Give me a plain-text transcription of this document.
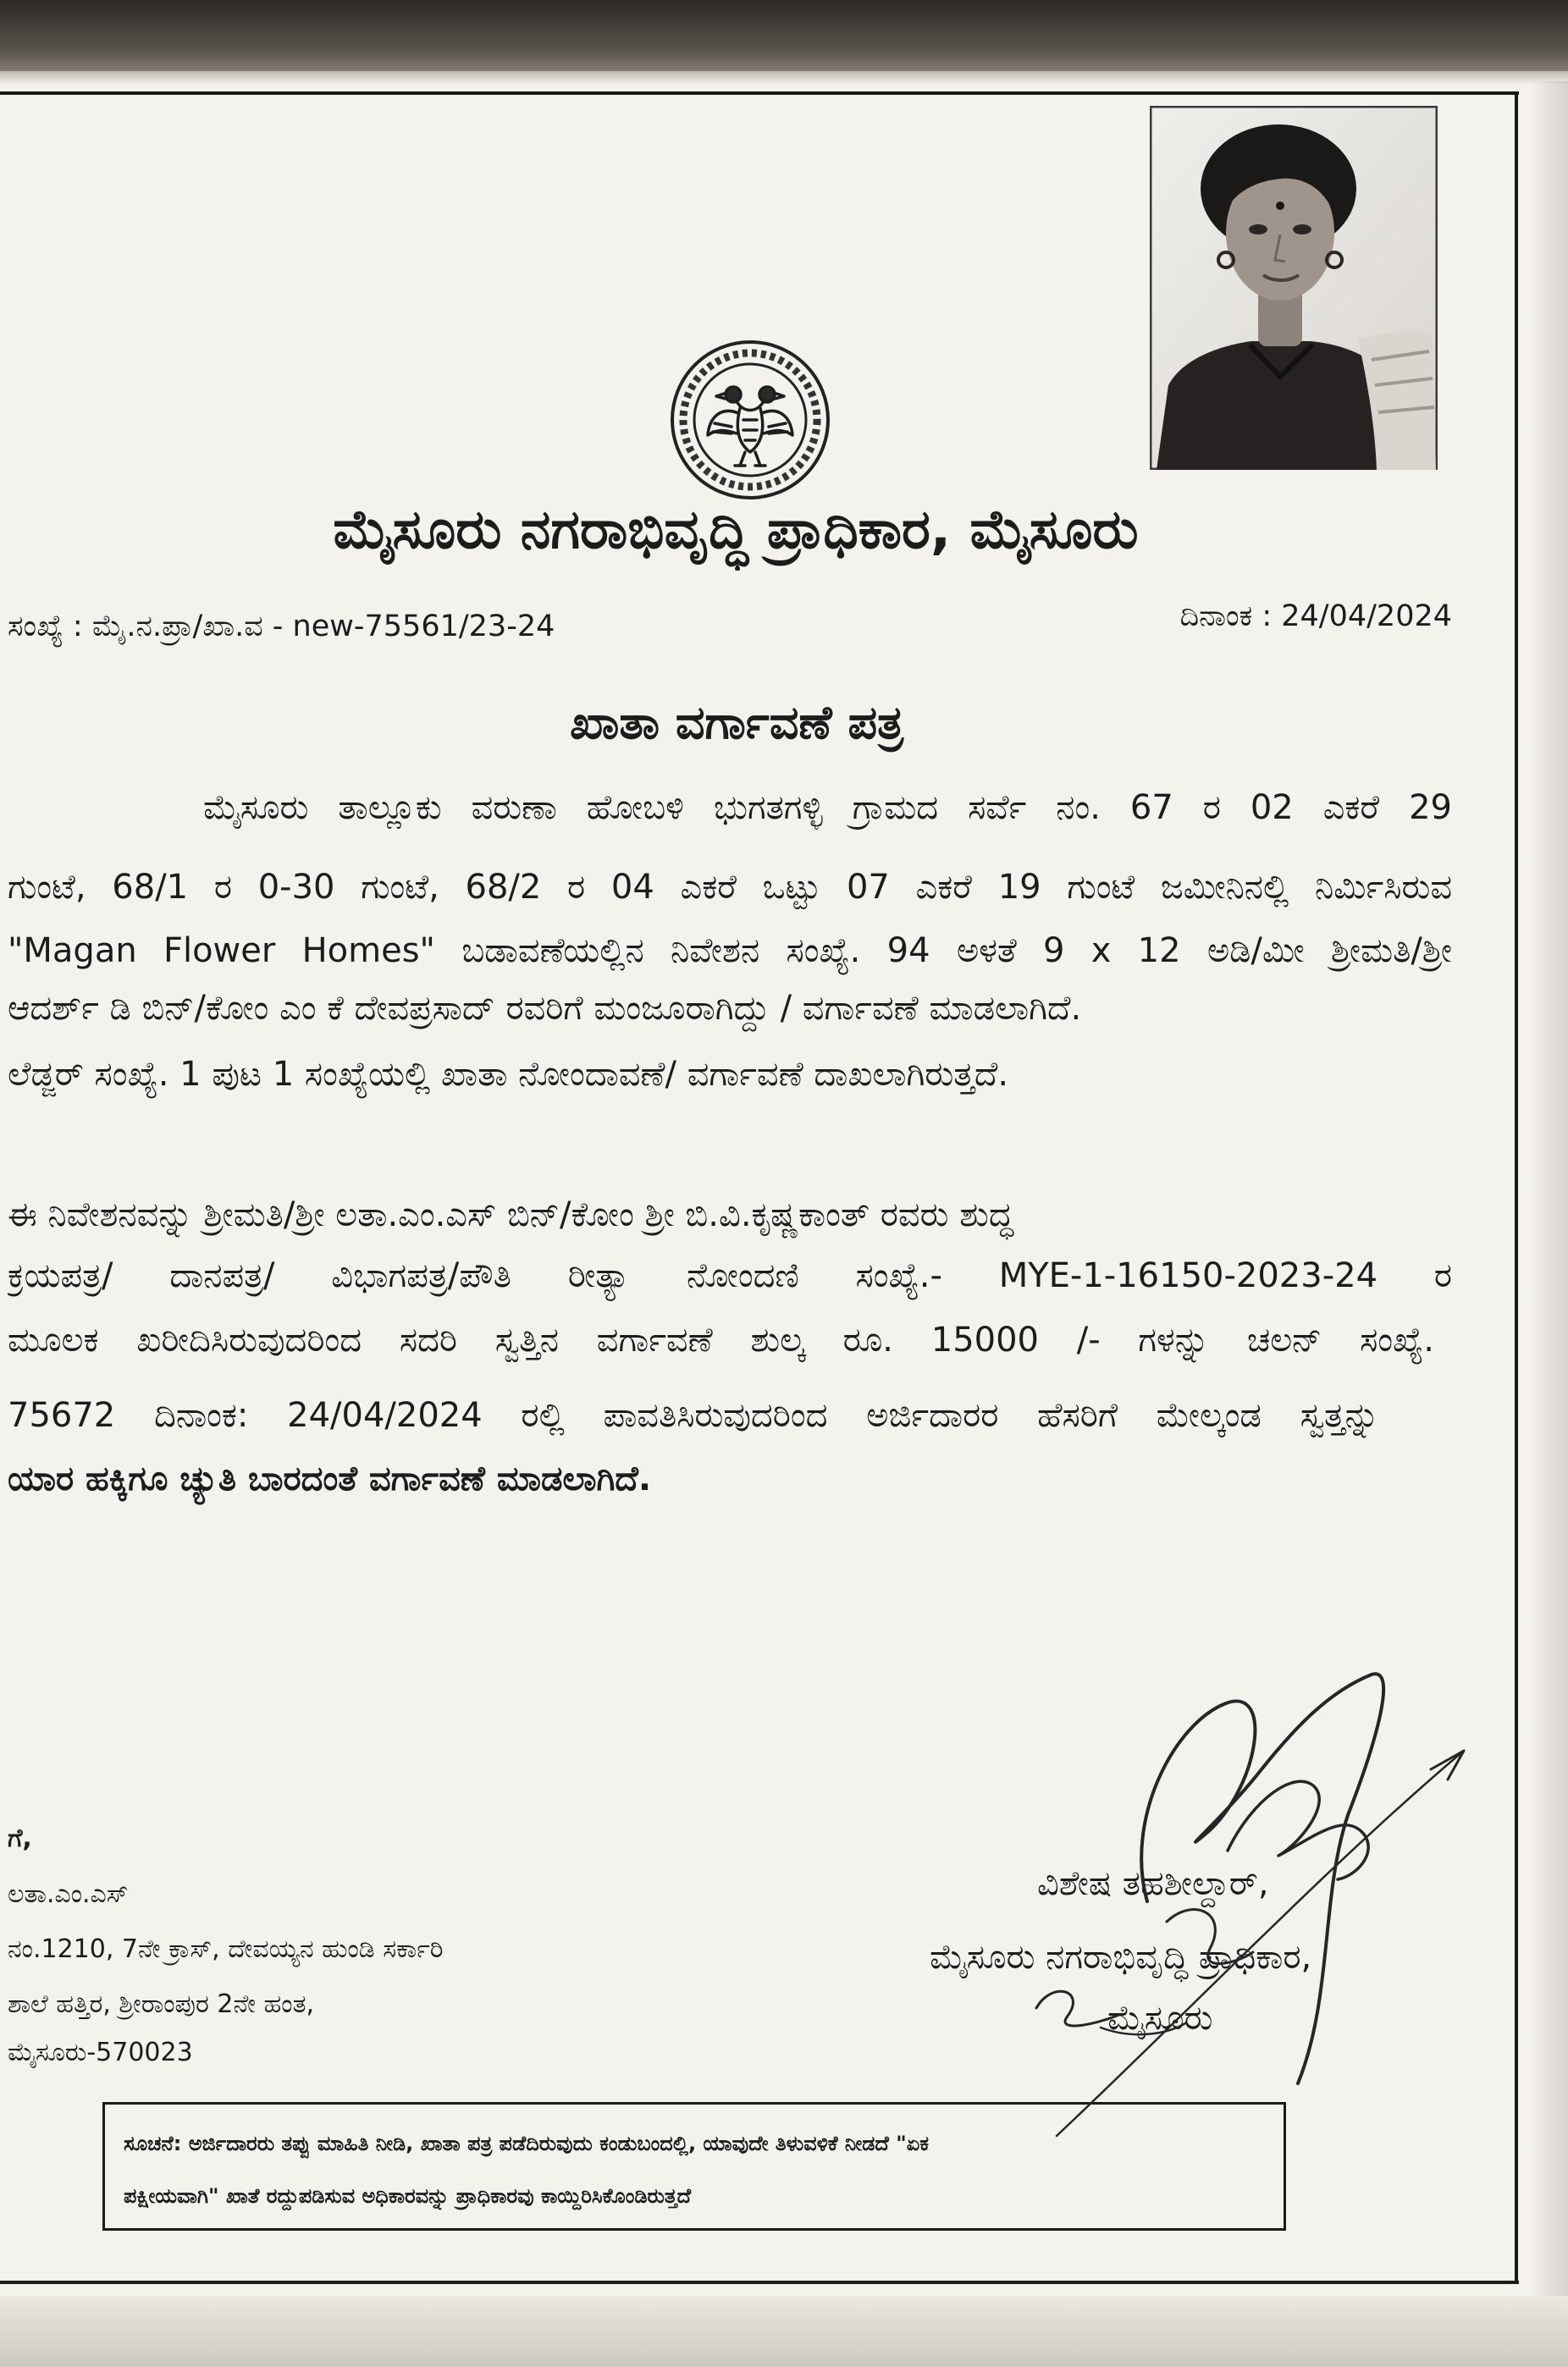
ಮೈಸೂರು ನಗರಾಭಿವೃದ್ಧಿ ಪ್ರಾಧಿಕಾರ, ಮೈಸೂರು
ಸಂಖ್ಯೆ : ಮೈ.ನ.ಪ್ರಾ/ಖಾ.ವ - new-75561/23-24	ದಿನಾಂಕ : 24/04/2024
ಖಾತಾ ವರ್ಗಾವಣೆ ಪತ್ರ
ಮೈಸೂರು ತಾಲ್ಲೂಕು ವರುಣಾ ಹೋಬಳಿ ಭುಗತಗಳ್ಳಿ ಗ್ರಾಮದ ಸರ್ವೆ ನಂ. 67 ರ 02 ಎಕರೆ 29
ಗುಂಟೆ, 68/1 ರ 0-30 ಗುಂಟೆ, 68/2 ರ 04 ಎಕರೆ ಒಟ್ಟು 07 ಎಕರೆ 19 ಗುಂಟೆ ಜಮೀನಿನಲ್ಲಿ ನಿರ್ಮಿಸಿರುವ
"Magan Flower Homes" ಬಡಾವಣೆಯಲ್ಲಿನ ನಿವೇಶನ ಸಂಖ್ಯೆ. 94 ಅಳತೆ 9 x 12 ಅಡಿ/ಮೀ ಶ್ರೀಮತಿ/ಶ್ರೀ
ಆದರ್ಶ್ ಡಿ ಬಿನ್/ಕೋಂ ಎಂ ಕೆ ದೇವಪ್ರಸಾದ್ ರವರಿಗೆ ಮಂಜೂರಾಗಿದ್ದು / ವರ್ಗಾವಣೆ ಮಾಡಲಾಗಿದೆ.
ಲೆಡ್ಜರ್ ಸಂಖ್ಯೆ. 1 ಪುಟ 1 ಸಂಖ್ಯೆಯಲ್ಲಿ ಖಾತಾ ನೋಂದಾವಣೆ/ ವರ್ಗಾವಣೆ ದಾಖಲಾಗಿರುತ್ತದೆ.
ಈ ನಿವೇಶನವನ್ನು ಶ್ರೀಮತಿ/ಶ್ರೀ ಲತಾ.ಎಂ.ಎಸ್ ಬಿನ್/ಕೋಂ ಶ್ರೀ ಬಿ.ವಿ.ಕೃಷ್ಣಕಾಂತ್ ರವರು ಶುದ್ಧ
ಕ್ರಯಪತ್ರ/ ದಾನಪತ್ರ/ ವಿಭಾಗಪತ್ರ/ಪೌತಿ ರೀತ್ಯಾ ನೋಂದಣಿ ಸಂಖ್ಯೆ.- MYE-1-16150-2023-24 ರ
ಮೂಲಕ ಖರೀದಿಸಿರುವುದರಿಂದ ಸದರಿ ಸ್ವತ್ತಿನ ವರ್ಗಾವಣೆ ಶುಲ್ಕ ರೂ. 15000 /- ಗಳನ್ನು ಚಲನ್ ಸಂಖ್ಯೆ.
75672 ದಿನಾಂಕ: 24/04/2024 ರಲ್ಲಿ ಪಾವತಿಸಿರುವುದರಿಂದ ಅರ್ಜಿದಾರರ ಹೆಸರಿಗೆ ಮೇಲ್ಕಂಡ ಸ್ವತ್ತನ್ನು
ಯಾರ ಹಕ್ಕಿಗೂ ಚ್ಯುತಿ ಬಾರದಂತೆ ವರ್ಗಾವಣೆ ಮಾಡಲಾಗಿದೆ.
ಗೆ,
ಲತಾ.ಎಂ.ಎಸ್
ನಂ.1210, 7ನೇ ಕ್ರಾಸ್, ದೇವಯ್ಯನ ಹುಂಡಿ ಸರ್ಕಾರಿ
ಶಾಲೆ ಹತ್ತಿರ, ಶ್ರೀರಾಂಪುರ 2ನೇ ಹಂತ,
ಮೈಸೂರು-570023
ವಿಶೇಷ ತಹಶೀಲ್ದಾರ್,
ಮೈಸೂರು ನಗರಾಭಿವೃದ್ಧಿ ಪ್ರಾಧಿಕಾರ,
ಮೈಸೂರು
ಸೂಚನೆ: ಅರ್ಜಿದಾರರು ತಪ್ಪು ಮಾಹಿತಿ ನೀಡಿ, ಖಾತಾ ಪತ್ರ ಪಡೆದಿರುವುದು ಕಂಡುಬಂದಲ್ಲಿ, ಯಾವುದೇ ತಿಳುವಳಿಕೆ ನೀಡದೆ "ಏಕ
ಪಕ್ಷೀಯವಾಗಿ" ಖಾತೆ ರದ್ದುಪಡಿಸುವ ಅಧಿಕಾರವನ್ನು ಪ್ರಾಧಿಕಾರವು ಕಾಯ್ದಿರಿಸಿಕೊಂಡಿರುತ್ತದೆ
